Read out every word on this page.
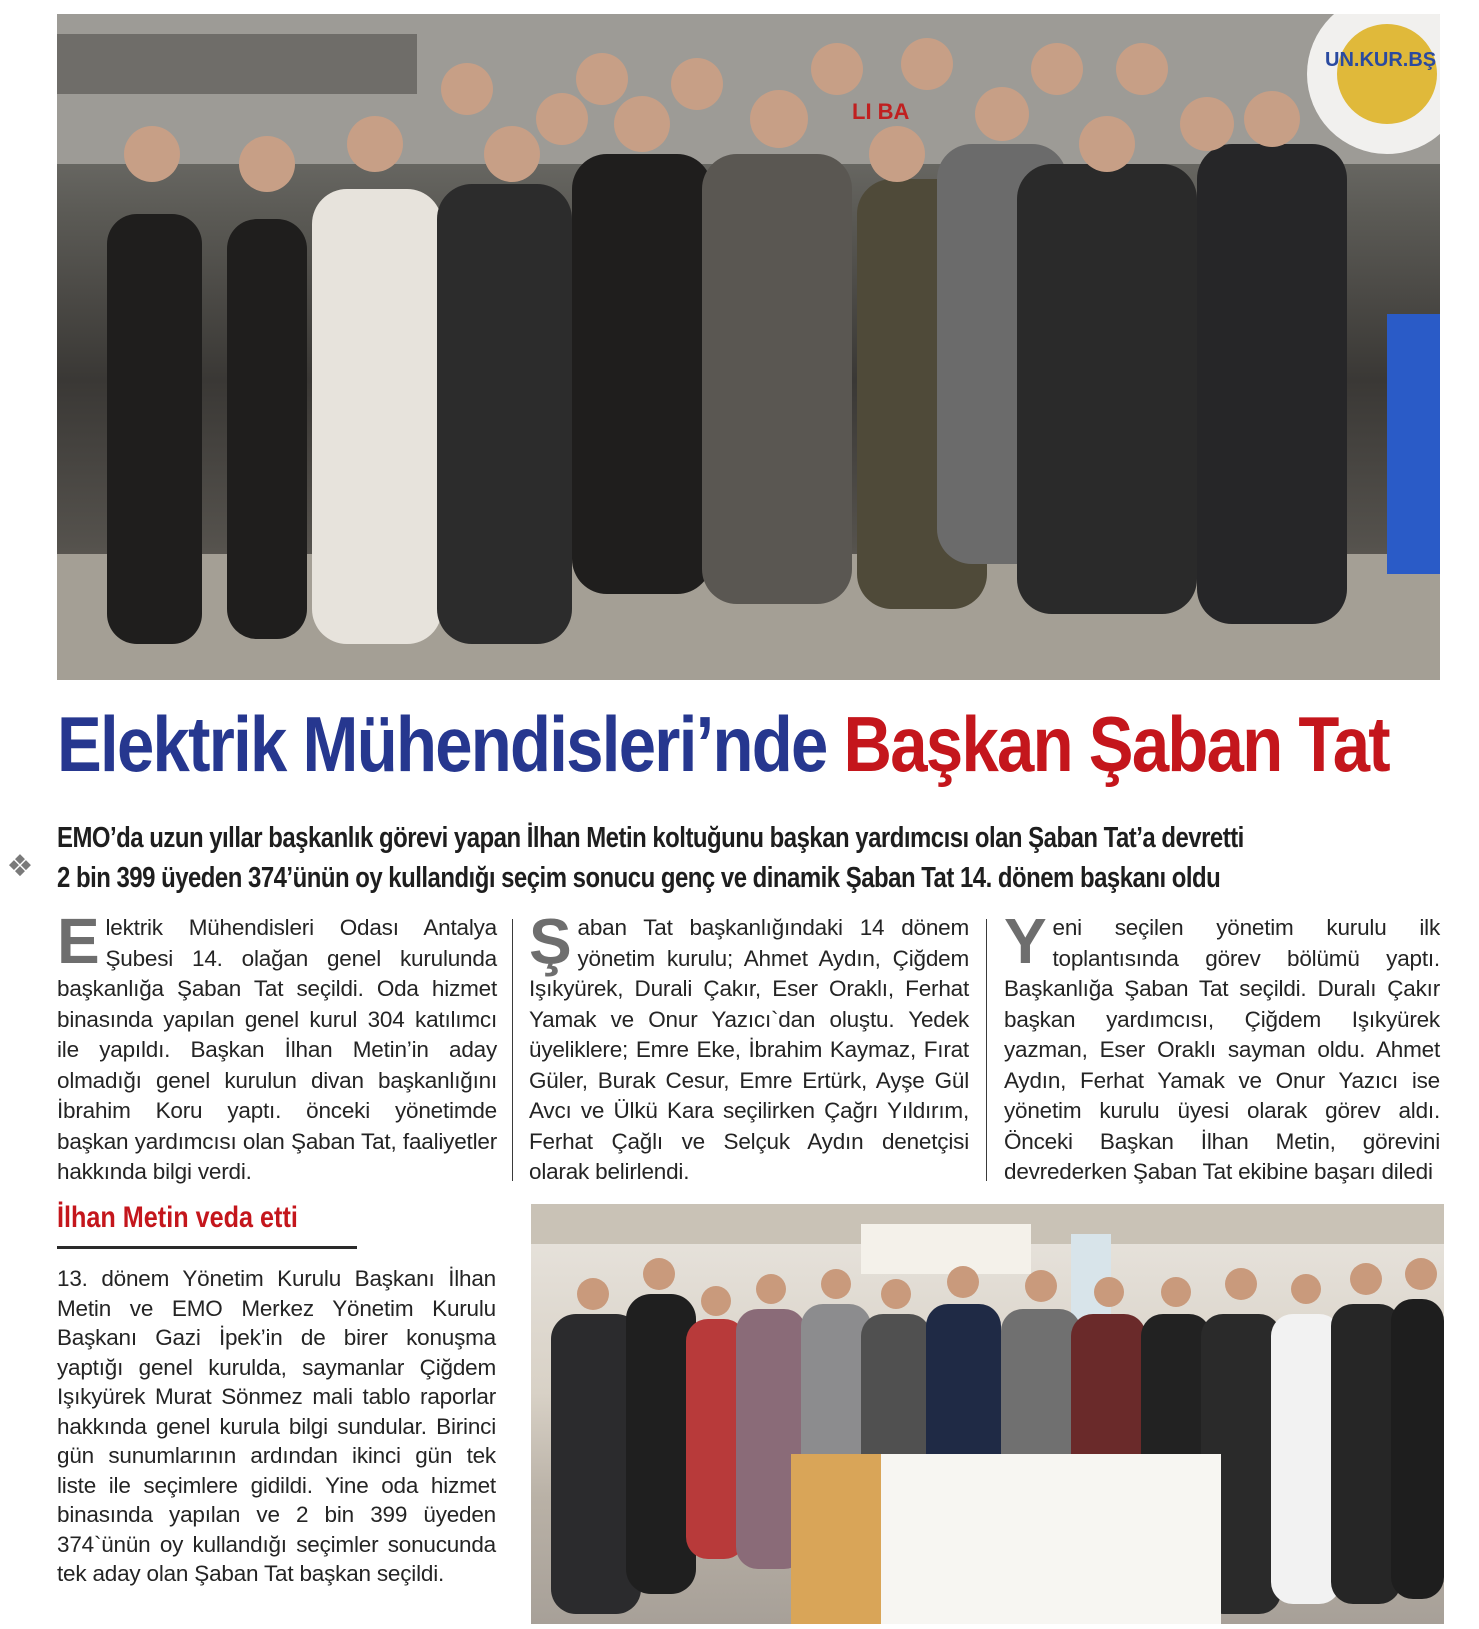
UN.KUR.BŞ
LI BA
Elektrik Mühendisleri’nde Başkan Şaban Tat
❖

EMO’da uzun yıllar başkanlık görevi yapan İlhan Metin koltuğunu başkan yardımcısı olan Şaban Tat’a devretti

2 bin 399 üyeden 374’ünün oy kullandığı seçim sonucu genç ve dinamik Şaban Tat 14. dönem başkanı oldu

Elektrik Mühendisleri Odası Antalya Şubesi 14. olağan genel kurulunda başkanlığa Şaban Tat seçildi. Oda hizmet binasında yapılan genel kurul 304 katılımcı ile yapıldı. Başkan İlhan Metin’in aday olmadığı genel kurulun divan başkanlığını İbrahim Koru yaptı. önceki yönetimde başkan yardımcısı olan Şaban Tat, faaliyetler hakkında bilgi verdi.
Şaban Tat başkanlığındaki 14 dönem yönetim kurulu; Ahmet Aydın, Çiğdem Işıkyürek, Durali Çakır, Eser Oraklı, Ferhat Yamak ve Onur Yazıcı`dan oluştu. Yedek üyeliklere; Emre Eke, İbrahim Kaymaz, Fırat Güler, Burak Cesur, Emre Ertürk, Ayşe Gül Avcı ve Ülkü Kara seçilirken Çağrı Yıldırım, Ferhat Çağlı ve Selçuk Aydın denetçisi olarak belirlendi.
Yeni seçilen yönetim kurulu ilk toplantısında görev bölümü yaptı. Başkanlığa Şaban Tat seçildi. Duralı Çakır başkan yardımcısı, Çiğdem Işıkyürek yazman, Eser Oraklı sayman oldu. Ahmet Aydın, Ferhat Yamak ve Onur Yazıcı ise yönetim kurulu üyesi olarak görev aldı. Önceki Başkan İlhan Metin, görevini devrederken Şaban Tat ekibine başarı diledi
İlhan Metin veda etti

13. dönem Yönetim Kurulu Başkanı İlhan Metin ve EMO Merkez Yönetim Kurulu Başkanı Gazi İpek’in de birer konuşma yaptığı genel kurulda, saymanlar Çiğdem Işıkyürek Murat Sönmez mali tablo raporlar hakkında genel kurula bilgi sundular. Birinci gün sunumlarının ardından ikinci gün tek liste ile seçimlere gidildi. Yine oda hizmet binasında yapılan ve 2 bin 399 üyeden 374`ünün oy kullandığı seçimler sonucunda tek aday olan Şaban Tat başkan seçildi.
